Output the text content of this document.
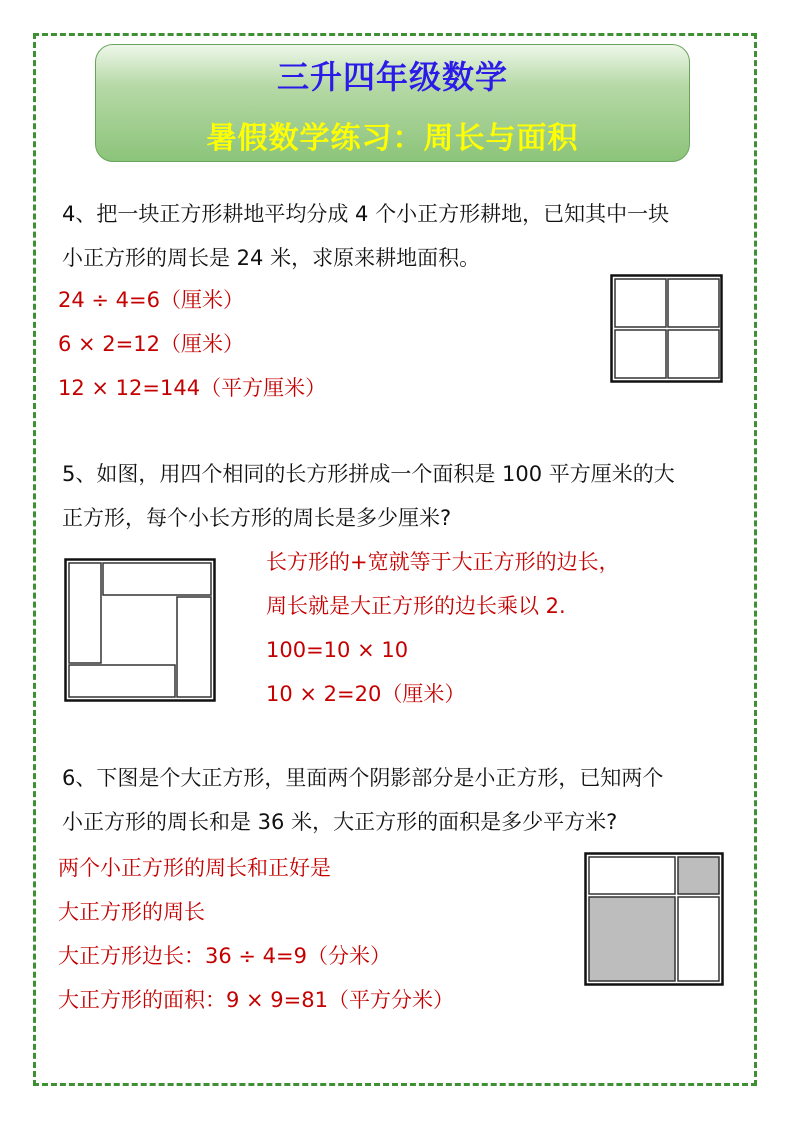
三升四年级数学
暑假数学练习：周长与面积
4、把一块正方形耕地平均分成 4 个小正方形耕地，已知其中一块
小正方形的周长是 24 米，求原来耕地面积。
24 ÷ 4=6（厘米）
6 × 2=12（厘米）
12 × 12=144（平方厘米）
5、如图，用四个相同的长方形拼成一个面积是 100 平方厘米的大
正方形，每个小长方形的周长是多少厘米?
长方形的+宽就等于大正方形的边长，
周长就是大正方形的边长乘以 2.
100=10 × 10
10 × 2=20（厘米）
6、下图是个大正方形，里面两个阴影部分是小正方形，已知两个
小正方形的周长和是 36 米，大正方形的面积是多少平方米?
两个小正方形的周长和正好是
大正方形的周长
大正方形边长：36 ÷ 4=9（分米）
大正方形的面积：9 × 9=81（平方分米）
